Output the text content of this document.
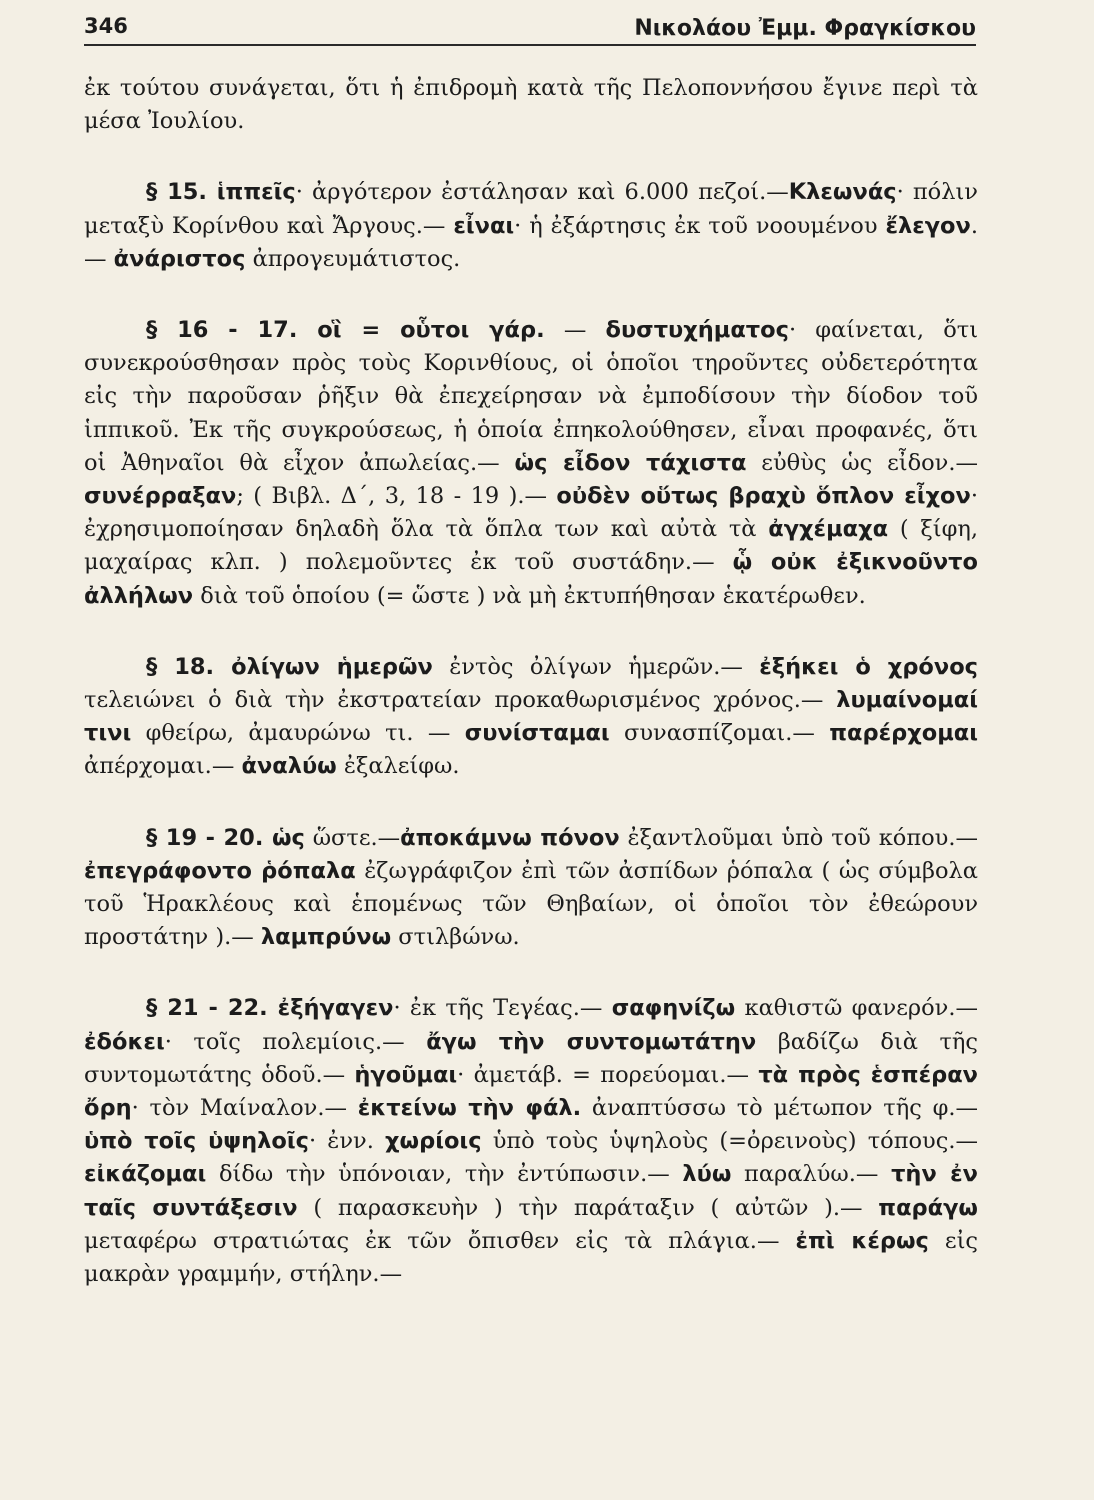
346	Νικολάου Ἐμμ. Φραγκίσκου

ἐκ τούτου συνάγεται, ὅτι ἡ ἐπιδρομὴ κατὰ τῆς Πελοποννήσου ἔγινε περὶ τὰ μέσα Ἰουλίου.

§ 15. ἱππεῖς· ἀργότερον ἐστάλησαν καὶ 6.000 πεζοί.—Κλεωνάς· πόλιν μεταξὺ Κορίνθου καὶ Ἄργους.— εἶναι· ἡ ἐξάρτησις ἐκ τοῦ νοουμένου ἔλεγον.— ἀνάριστος ἀπρογευμάτιστος.

§ 16 - 17. οἳ = οὗτοι γάρ. — δυστυχήματος· φαίνεται, ὅτι συνεκρούσθησαν πρὸς τοὺς Κορινθίους, οἱ ὁποῖοι τηροῦντες οὐδετερότητα εἰς τὴν παροῦσαν ῥῆξιν θὰ ἐπεχείρησαν νὰ ἐμποδίσουν τὴν δίοδον τοῦ ἱππικοῦ. Ἐκ τῆς συγκρούσεως, ἡ ὁποία ἐπηκολούθησεν, εἶναι προφανές, ὅτι οἱ Ἀθηναῖοι θὰ εἶχον ἀπωλείας.— ὡς εἶδον τάχιστα εὐθὺς ὡς εἶδον.— συνέρραξαν; ( Βιβλ. Δ΄, 3, 18 - 19 ).— οὐδὲν οὕτως βραχὺ ὅπλον εἶχον· ἐχρησιμοποίησαν δηλαδὴ ὅλα τὰ ὅπλα των καὶ αὐτὰ τὰ ἀγχέμαχα ( ξίφη, μαχαίρας κλπ. ) πολεμοῦντες ἐκ τοῦ συστάδην.— ᾧ οὐκ ἐξικνοῦντο ἀλλήλων διὰ τοῦ ὁποίου (= ὥστε ) νὰ μὴ ἐκτυπήθησαν ἑκατέρωθεν.

§ 18. ὀλίγων ἡμερῶν ἐντὸς ὀλίγων ἡμερῶν.— ἐξήκει ὁ χρόνος τελειώνει ὁ διὰ τὴν ἐκστρατείαν προκαθωρισμένος χρόνος.— λυμαίνομαί τινι φθείρω, ἀμαυρώνω τι. — συνίσταμαι συνασπίζομαι.— παρέρχομαι ἀπέρχομαι.— ἀναλύω ἐξαλείφω.

§ 19 - 20. ὡς ὥστε.—ἀποκάμνω πόνον ἐξαντλοῦμαι ὑπὸ τοῦ κόπου.— ἐπεγράφοντο ῥόπαλα ἐζωγράφιζον ἐπὶ τῶν ἀσπίδων ῥόπαλα ( ὡς σύμβολα τοῦ Ἡρακλέους καὶ ἑπομένως τῶν Θηβαίων, οἱ ὁποῖοι τὸν ἐθεώρουν προστάτην ).— λαμπρύνω στιλβώνω.

§ 21 - 22. ἐξήγαγεν· ἐκ τῆς Τεγέας.— σαφηνίζω καθιστῶ φανερόν.— ἐδόκει· τοῖς πολεμίοις.— ἄγω τὴν συντομωτάτην βαδίζω διὰ τῆς συντομωτάτης ὁδοῦ.— ἡγοῦμαι· ἀμετάβ. = πορεύομαι.— τὰ πρὸς ἑσπέραν ὄρη· τὸν Μαίναλον.— ἐκτείνω τὴν φάλ. ἀναπτύσσω τὸ μέτωπον τῆς φ.— ὑπὸ τοῖς ὑψηλοῖς· ἐνν. χωρίοις ὑπὸ τοὺς ὑψηλοὺς (=ὀρεινοὺς) τόπους.— εἰκάζομαι δίδω τὴν ὑπόνοιαν, τὴν ἐντύπωσιν.— λύω παραλύω.— τὴν ἐν ταῖς συντάξεσιν ( παρασκευὴν ) τὴν παράταξιν ( αὐτῶν ).— παράγω μεταφέρω στρατιώτας ἐκ τῶν ὄπισθεν εἰς τὰ πλάγια.— ἐπὶ κέρως εἰς μακρὰν γραμμήν, στήλην.—
